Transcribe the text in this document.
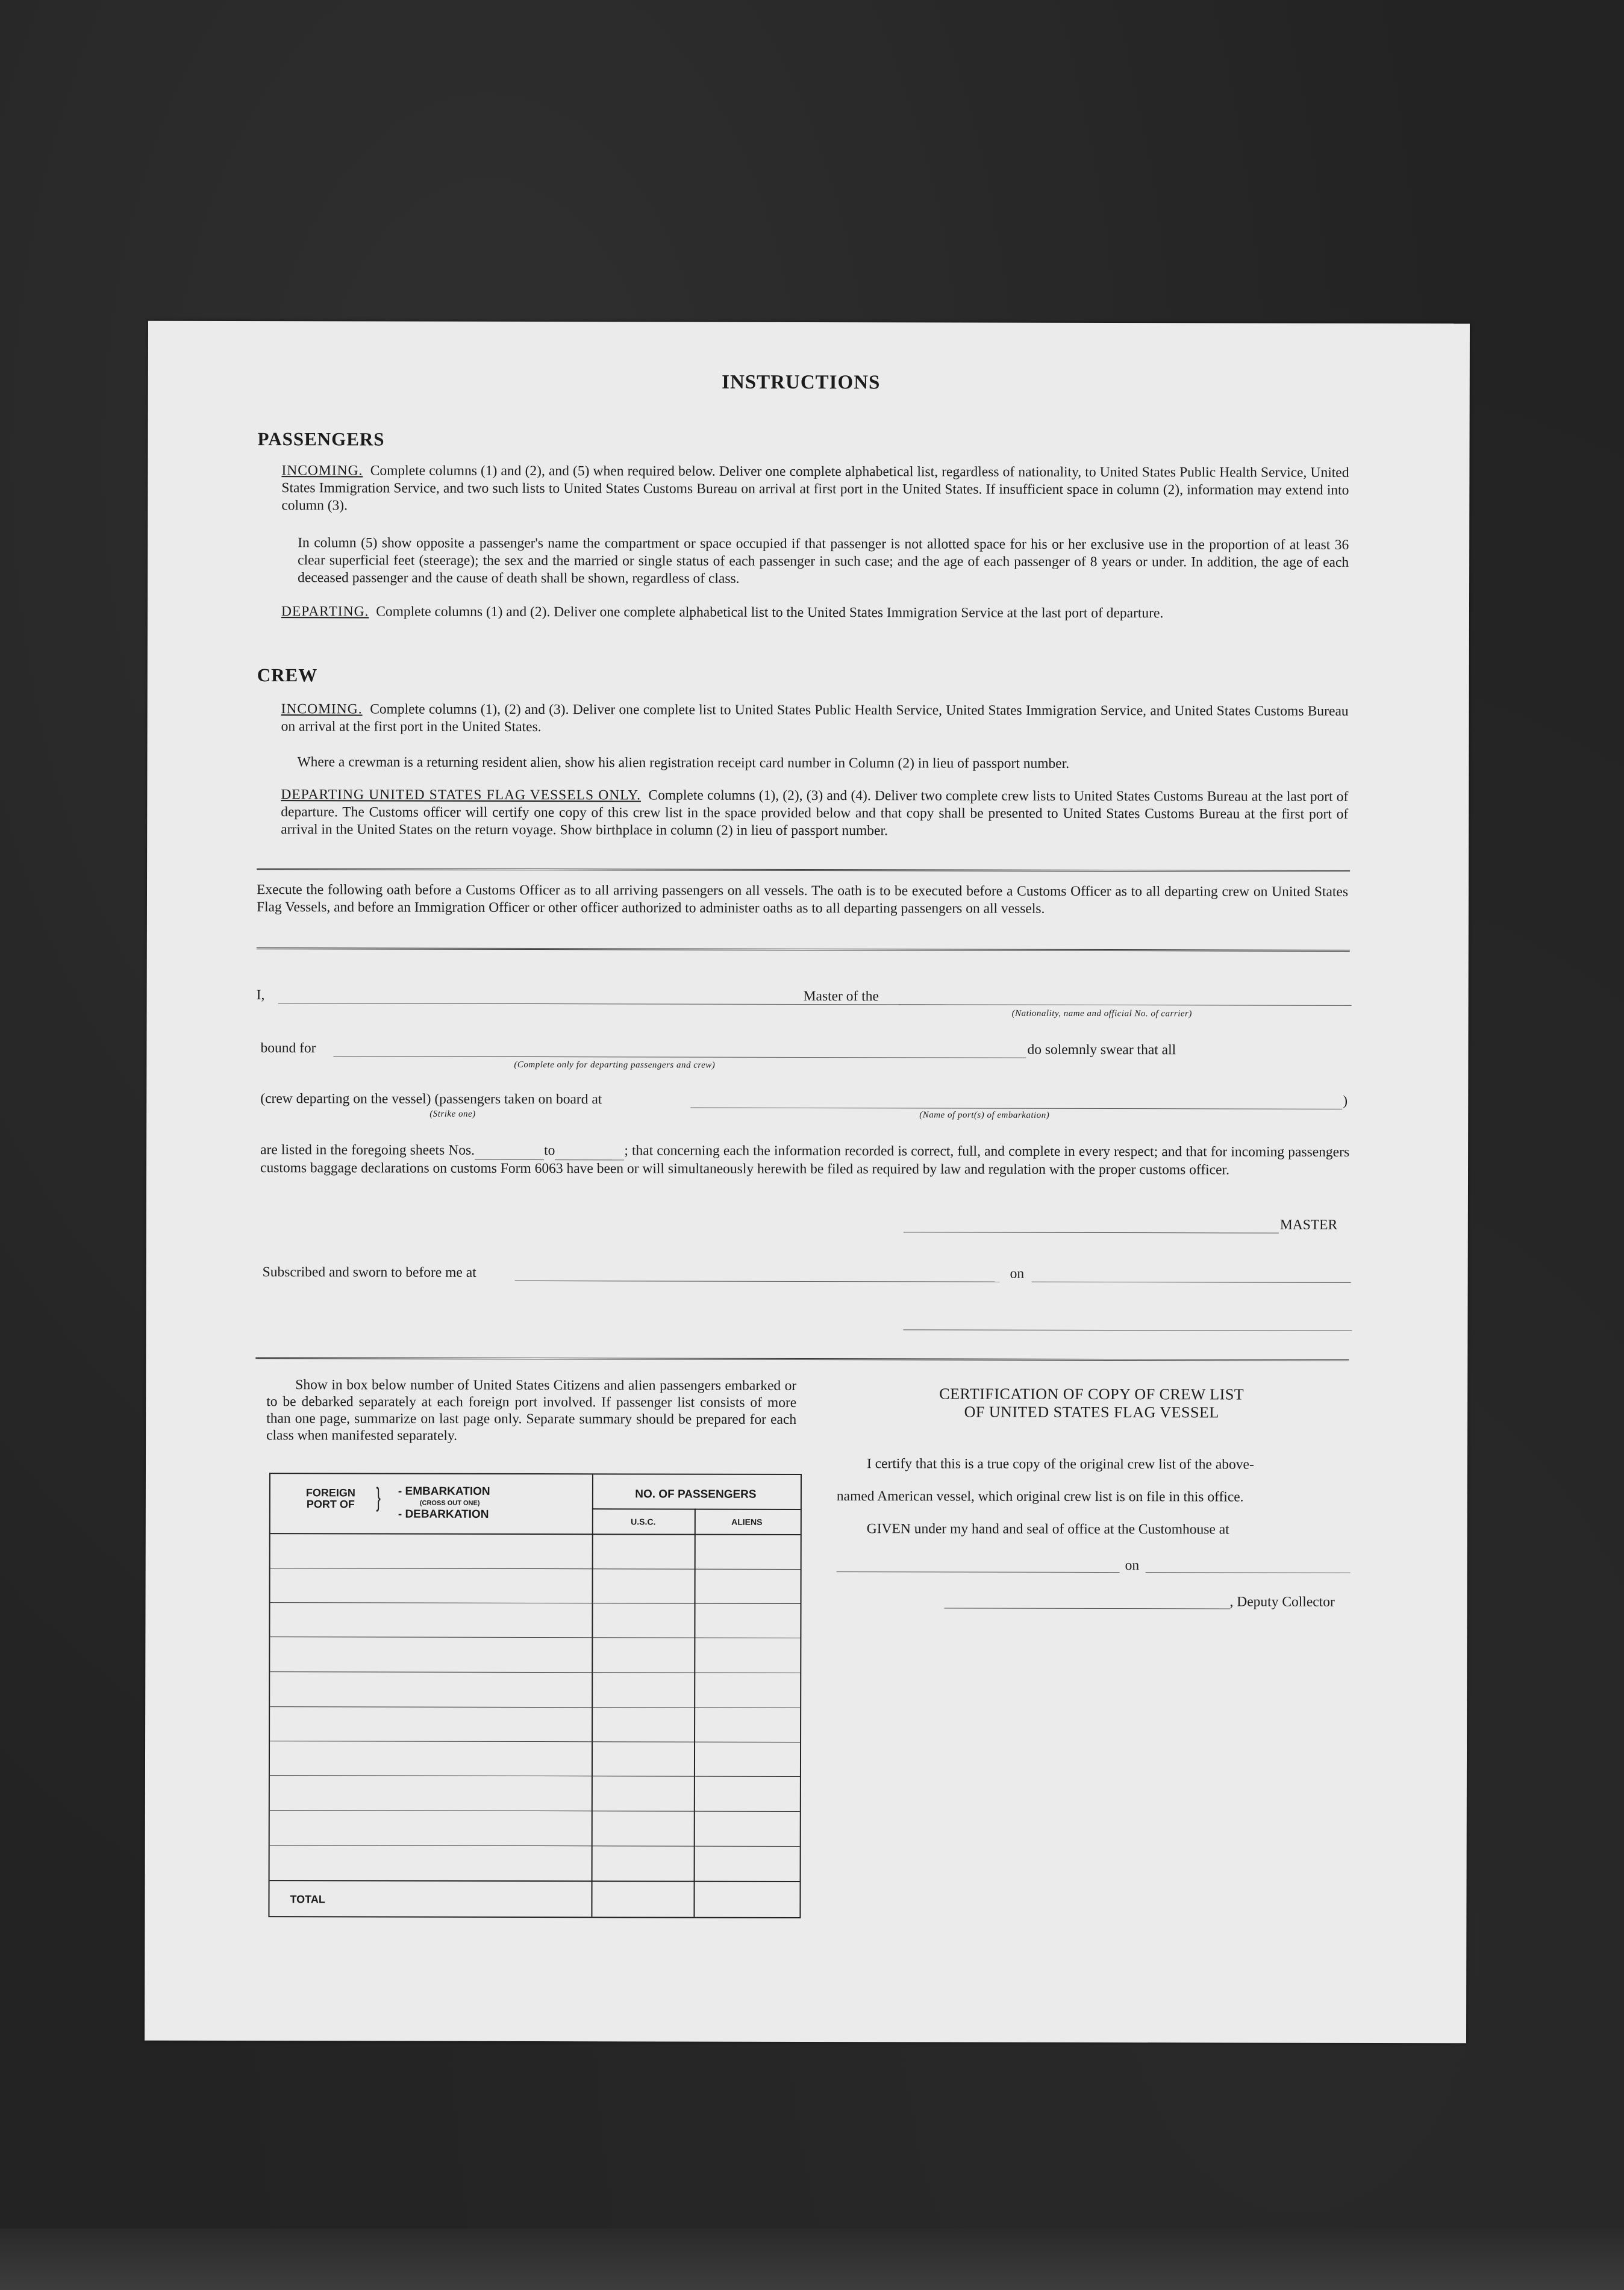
INSTRUCTIONS
PASSENGERS
INCOMING. Complete columns (1) and (2), and (5) when required below. Deliver one complete alphabetical list, regardless of nationality, to United States Public Health Service, United States Immigration Service, and two such lists to United States Customs Bureau on arrival at first port in the United States. If insufficient space in column (2), information may extend into column (3).
In column (5) show opposite a passenger's name the compartment or space occupied if that passenger is not allotted space for his or her exclusive use in the proportion of at least 36 clear superficial feet (steerage); the sex and the married or single status of each passenger in such case; and the age of each passenger of 8 years or under. In addition, the age of each deceased passenger and the cause of death shall be shown, regardless of class.
DEPARTING. Complete columns (1) and (2). Deliver one complete alphabetical list to the United States Immigration Service at the last port of departure.
CREW
INCOMING. Complete columns (1), (2) and (3). Deliver one complete list to United States Public Health Service, United States Immigration Service, and United States Customs Bureau on arrival at the first port in the United States.
Where a crewman is a returning resident alien, show his alien registration receipt card number in Column (2) in lieu of passport number.
DEPARTING UNITED STATES FLAG VESSELS ONLY. Complete columns (1), (2), (3) and (4). Deliver two complete crew lists to United States Customs Bureau at the last port of departure. The Customs officer will certify one copy of this crew list in the space provided below and that copy shall be presented to United States Customs Bureau at the first port of arrival in the United States on the return voyage. Show birthplace in column (2) in lieu of passport number.
Execute the following oath before a Customs Officer as to all arriving passengers on all vessels. The oath is to be executed before a Customs Officer as to all departing crew on United States Flag Vessels, and before an Immigration Officer or other officer authorized to administer oaths as to all departing passengers on all vessels.
I,	Master of the
(Nationality, name and official No. of carrier)
bound for
(Complete only for departing passengers and crew)
do solemnly swear that all
(crew departing on the vessel) (passengers taken on board at	)
(Strike one)	(Name of port(s) of embarkation)
are listed in the foregoing sheets Nos.	to	; that concerning each the information recorded is correct, full, and complete in every respect; and that for incoming passengers customs baggage declarations on customs Form 6063 have been or will simultaneously herewith be filed as required by law and regulation with the proper customs officer.
MASTER
Subscribed and sworn to before me at	on
Show in box below number of United States Citizens and alien passengers embarked or to be debarked separately at each foreign port involved. If passenger list consists of more than one page, summarize on last page only. Separate summary should be prepared for each class when manifested separately.
FOREIGN PORT OF } - EMBARKATION
(CROSS OUT ONE)
- DEBARKATION
NO. OF PASSENGERS
U.S.C.	ALIENS
TOTAL
CERTIFICATION OF COPY OF CREW LIST
OF UNITED STATES FLAG VESSEL
I certify that this is a true copy of the original crew list of the above-
named American vessel, which original crew list is on file in this office.
GIVEN under my hand and seal of office at the Customhouse at
on
, Deputy Collector
